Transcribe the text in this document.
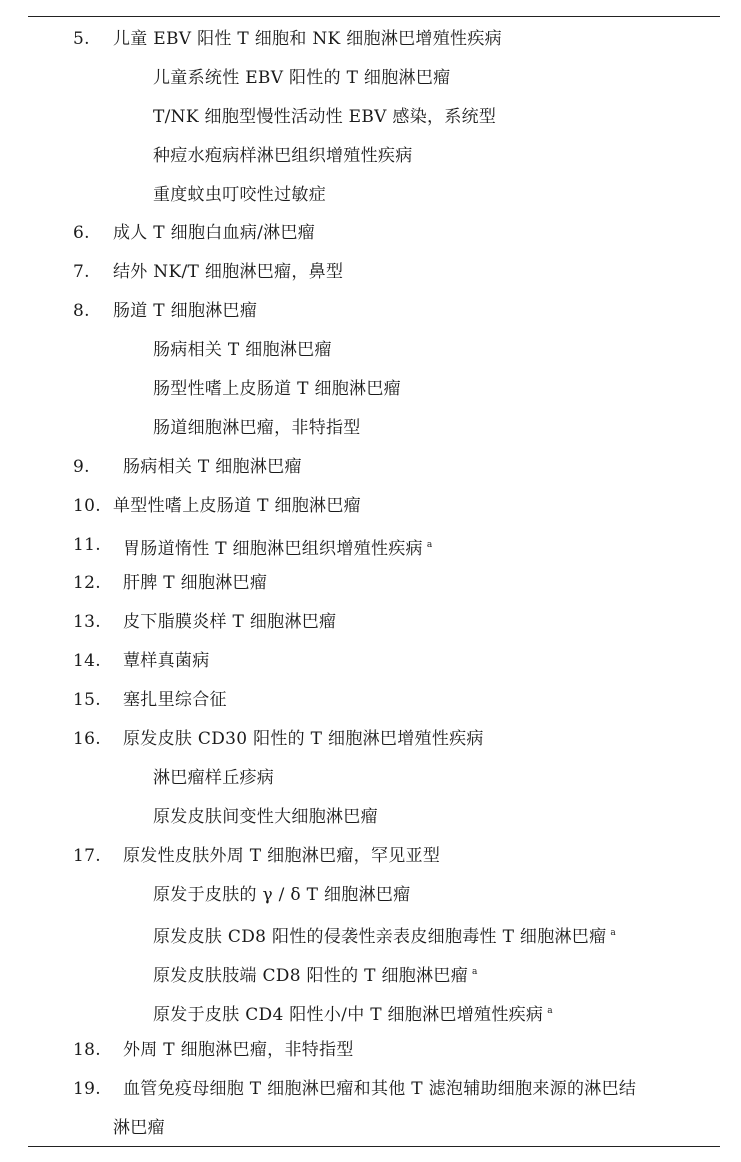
5. 儿童 EBV 阳性 T 细胞和 NK 细胞淋巴增殖性疾病
儿童系统性 EBV 阳性的 T 细胞淋巴瘤
T/NK 细胞型慢性活动性 EBV 感染，系统型
种痘水疱病样淋巴组织增殖性疾病
重度蚊虫叮咬性过敏症
6. 成人 T 细胞白血病/淋巴瘤
7. 结外 NK/T 细胞淋巴瘤，鼻型
8. 肠道 T 细胞淋巴瘤
肠病相关 T 细胞淋巴瘤
肠型性嗜上皮肠道 T 细胞淋巴瘤
肠道细胞淋巴瘤，非特指型
9. 肠病相关 T 细胞淋巴瘤
10. 单型性嗜上皮肠道 T 细胞淋巴瘤
11. 胃肠道惰性 T 细胞淋巴组织增殖性疾病 $^a$
12. 肝脾 T 细胞淋巴瘤
13. 皮下脂膜炎样 T 细胞淋巴瘤
14. 蕈样真菌病
15. 塞扎里综合征
16. 原发皮肤 CD30 阳性的 T 细胞淋巴增殖性疾病
淋巴瘤样丘疹病
原发皮肤间变性大细胞淋巴瘤
17. 原发性皮肤外周 T 细胞淋巴瘤，罕见亚型
原发于皮肤的 γ / δ T 细胞淋巴瘤
原发皮肤 CD8 阳性的侵袭性亲表皮细胞毒性 T 细胞淋巴瘤 $^a$
原发皮肤肢端 CD8 阳性的 T 细胞淋巴瘤 $^a$
原发于皮肤 CD4 阳性小/中 T 细胞淋巴增殖性疾病 $^a$
18. 外周 T 细胞淋巴瘤，非特指型
19. 血管免疫母细胞 T 细胞淋巴瘤和其他 T 滤泡辅助细胞来源的淋巴结
淋巴瘤
